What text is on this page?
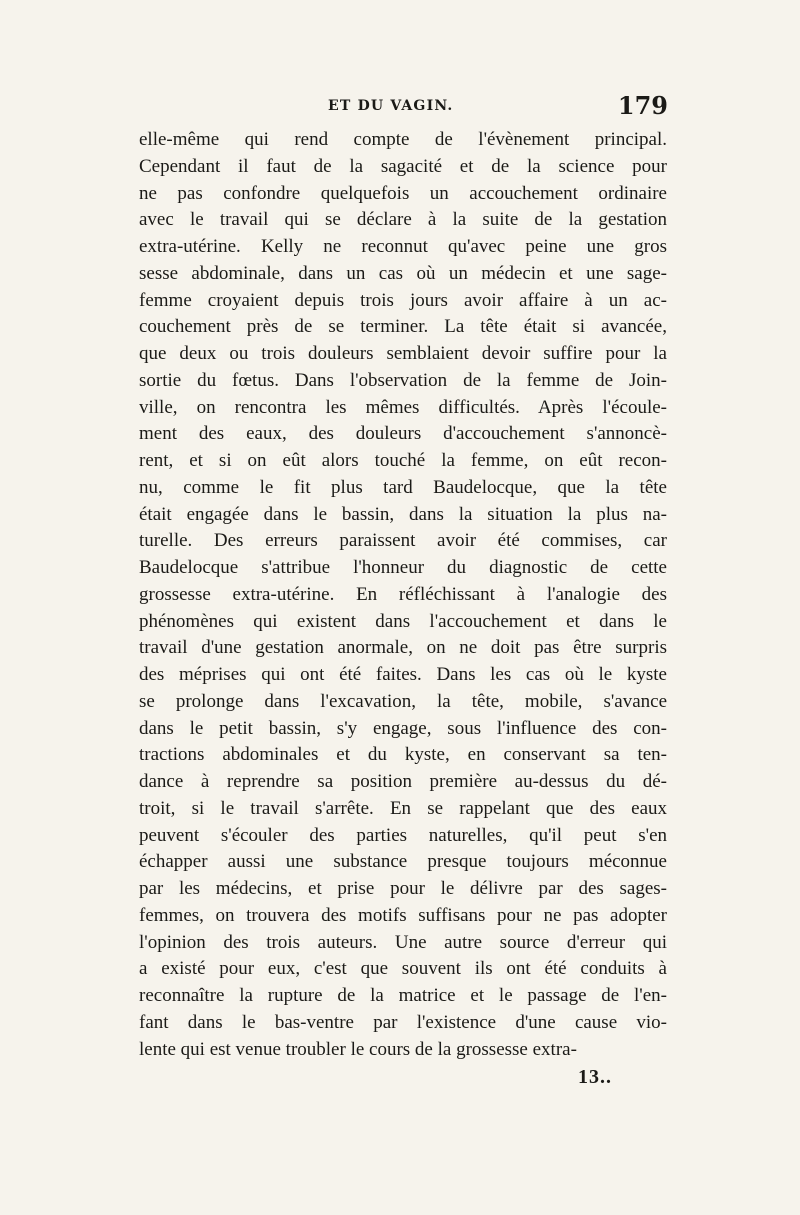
ET DU VAGIN.	179
elle-même qui rend compte de l'évènement principal.
Cependant il faut de la sagacité et de la science pour
ne pas confondre quelquefois un accouchement ordinaire
avec le travail qui se déclare à la suite de la gestation
extra-utérine. Kelly ne reconnut qu'avec peine une gros
sesse abdominale, dans un cas où un médecin et une sage-
femme croyaient depuis trois jours avoir affaire à un ac-
couchement près de se terminer. La tête était si avancée,
que deux ou trois douleurs semblaient devoir suffire pour la
sortie du fœtus. Dans l'observation de la femme de Join-
ville, on rencontra les mêmes difficultés. Après l'écoule-
ment des eaux, des douleurs d'accouchement s'annoncè-
rent, et si on eût alors touché la femme, on eût recon-
nu, comme le fit plus tard Baudelocque, que la tête
était engagée dans le bassin, dans la situation la plus na-
turelle. Des erreurs paraissent avoir été commises, car
Baudelocque s'attribue l'honneur du diagnostic de cette
grossesse extra-utérine. En réfléchissant à l'analogie des
phénomènes qui existent dans l'accouchement et dans le
travail d'une gestation anormale, on ne doit pas être surpris
des méprises qui ont été faites. Dans les cas où le kyste
se prolonge dans l'excavation, la tête, mobile, s'avance
dans le petit bassin, s'y engage, sous l'influence des con-
tractions abdominales et du kyste, en conservant sa ten-
dance à reprendre sa position première au-dessus du dé-
troit, si le travail s'arrête. En se rappelant que des eaux
peuvent s'écouler des parties naturelles, qu'il peut s'en
échapper aussi une substance presque toujours méconnue
par les médecins, et prise pour le délivre par des sages-
femmes, on trouvera des motifs suffisans pour ne pas adopter
l'opinion des trois auteurs. Une autre source d'erreur qui
a existé pour eux, c'est que souvent ils ont été conduits à
reconnaître la rupture de la matrice et le passage de l'en-
fant dans le bas-ventre par l'existence d'une cause vio-
lente qui est venue troubler le cours de la grossesse extra-
13..
